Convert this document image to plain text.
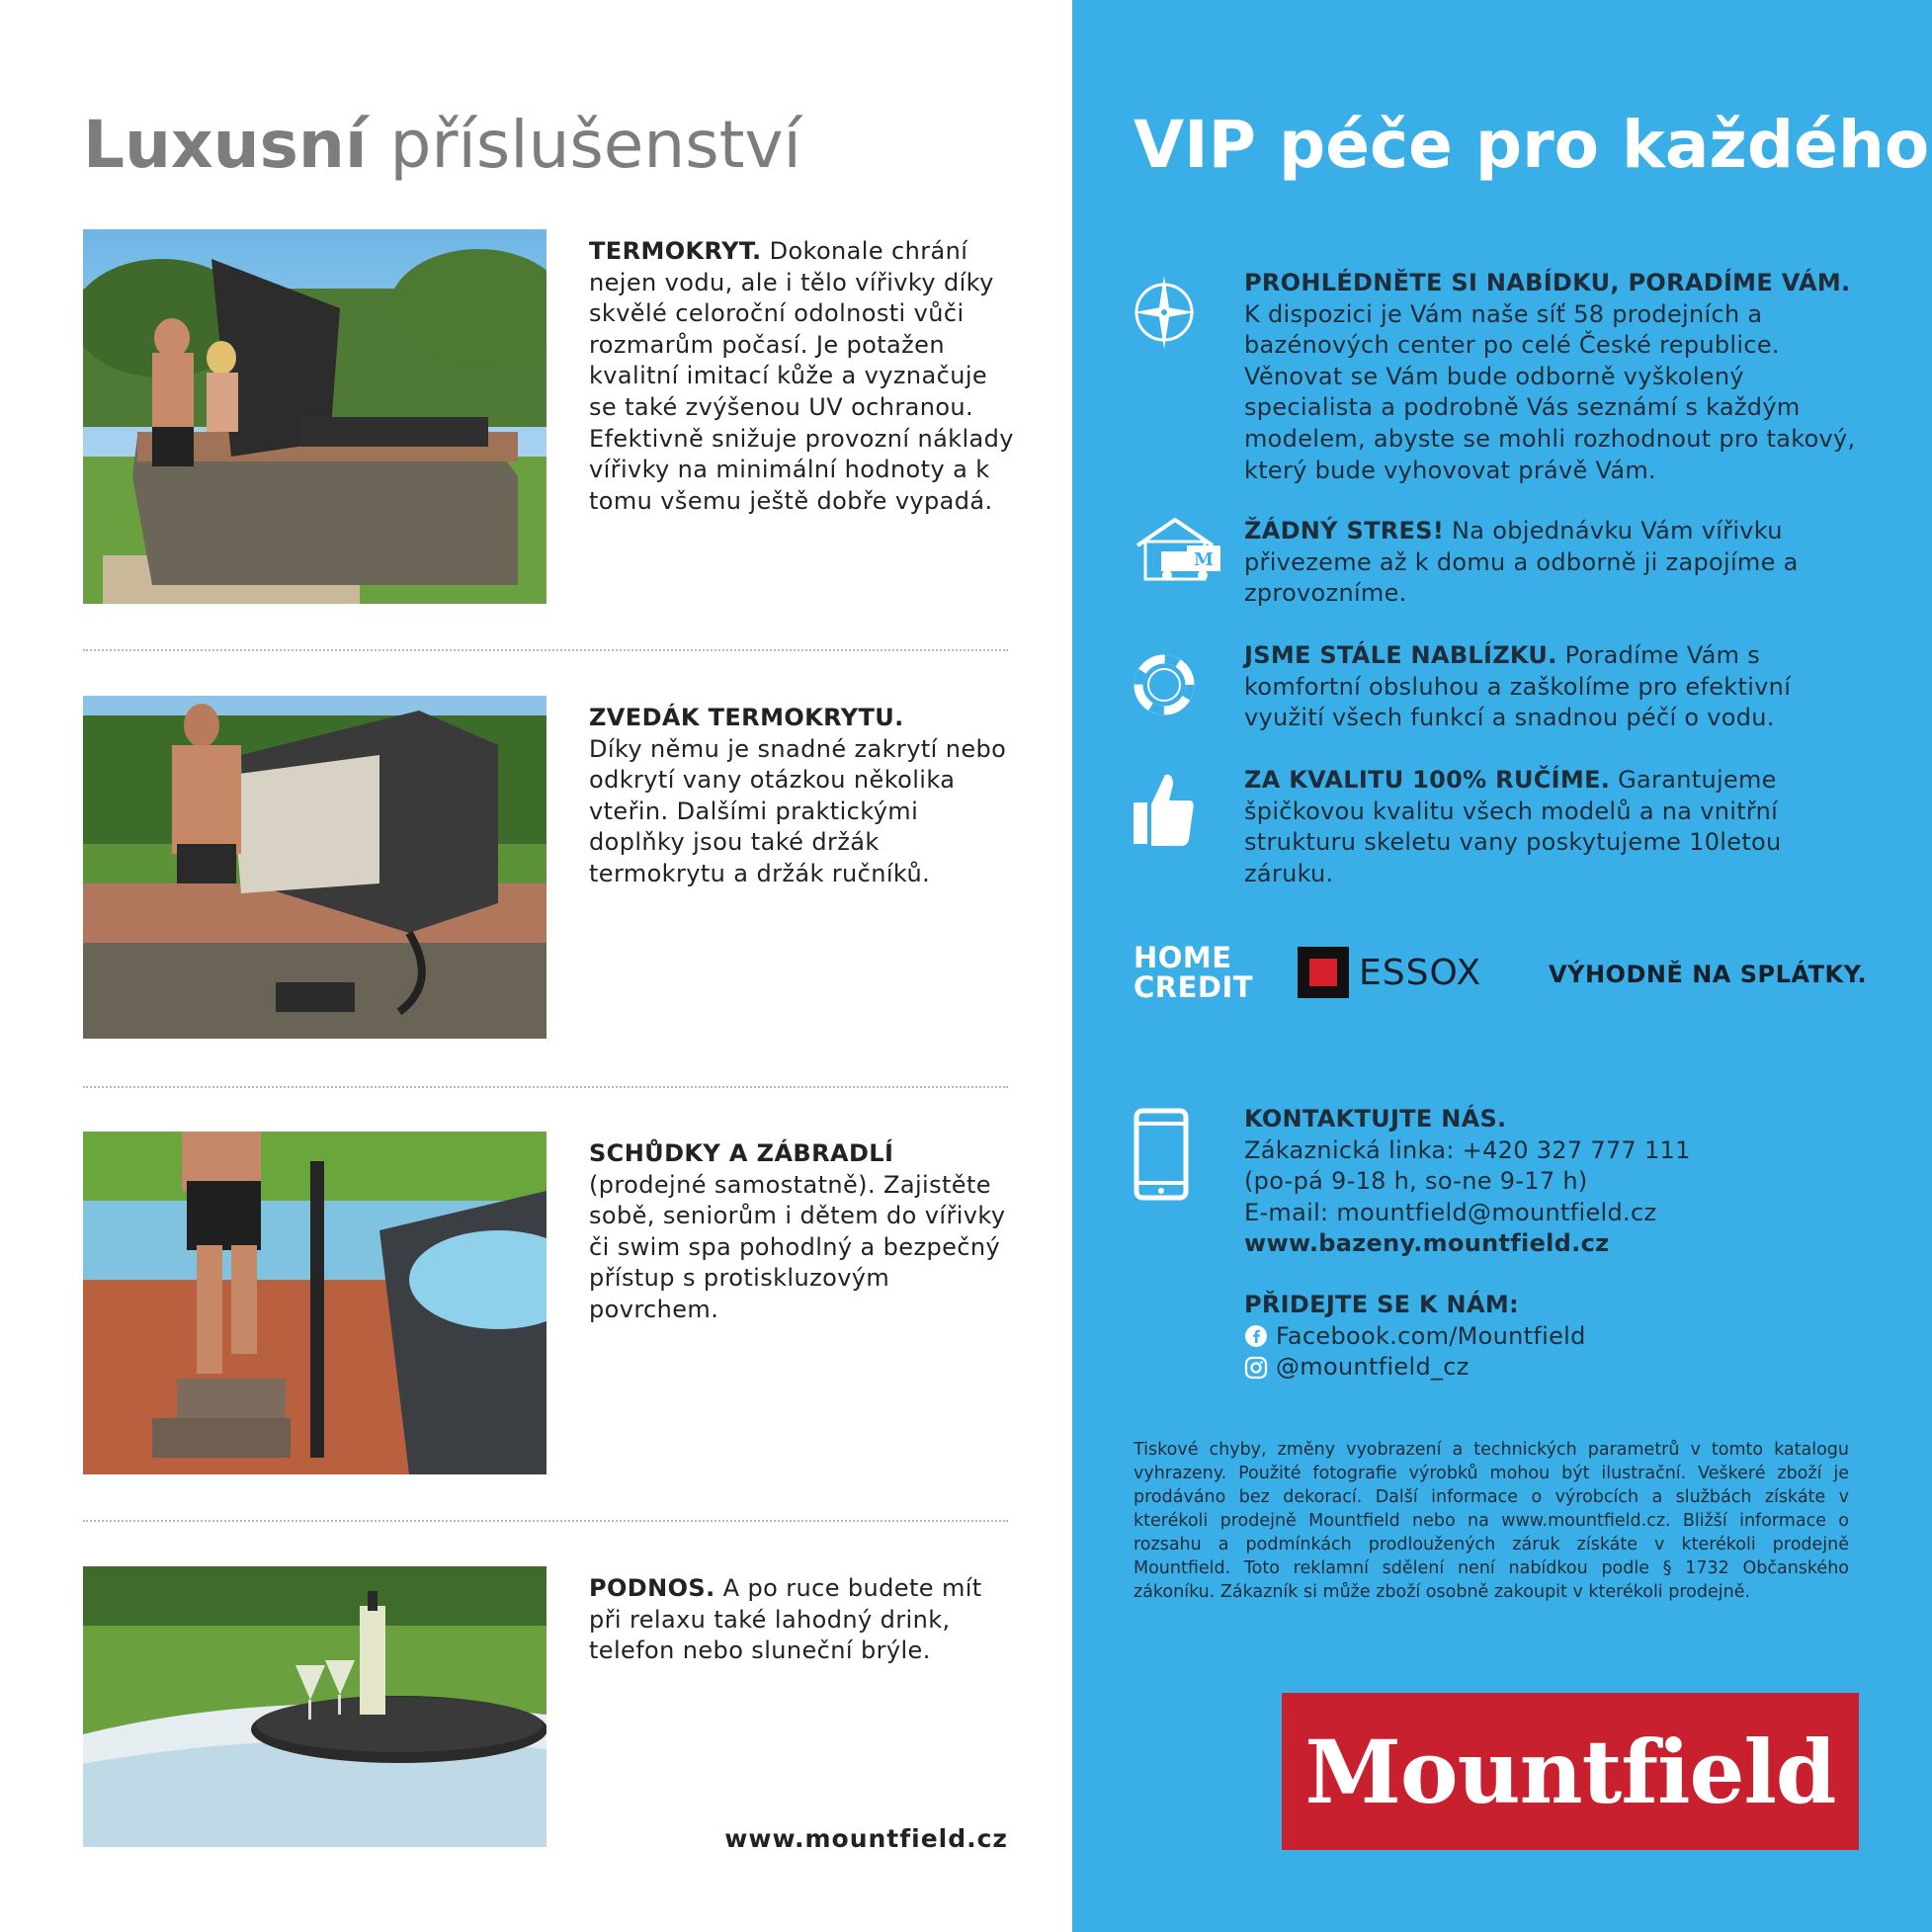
Luxusní příslušenství
TERMOKRYT. Dokonale chrání nejen vodu, ale i tělo vířivky díky skvělé celoroční odolnosti vůči rozmarům počasí. Je potažen kvalitní imitací kůže a vyznačuje se také zvýšenou UV ochranou. Efektivně snižuje provozní náklady vířivky na minimální hodnoty a k tomu všemu ještě dobře vypadá.
ZVEDÁK TERMOKRYTU.
Díky němu je snadné zakrytí nebo odkrytí vany otázkou několika vteřin. Dalšími praktickými doplňky jsou také držák termokrytu a držák ručníků.
SCHŮDKY A ZÁBRADLÍ
(prodejné samostatně). Zajistěte sobě, seniorům i dětem do vířivky či swim spa pohodlný a bezpečný přístup s protiskluzovým povrchem.
PODNOS. A po ruce budete mít při relaxu také lahodný drink, telefon nebo sluneční brýle.
www.mountfield.cz
VIP péče pro každého
PROHLÉDNĚTE SI NABÍDKU, PORADÍME VÁM.
K dispozici je Vám naše síť 58 prodejních a bazénových center po celé České republice. Věnovat se Vám bude odborně vyškolený specialista a podrobně Vás seznámí s každým modelem, abyste se mohli rozhodnout pro takový, který bude vyhovovat právě Vám.
M
ŽÁDNÝ STRES! Na objednávku Vám vířivku přivezeme až k domu a odborně ji zapojíme a zprovozníme.
JSME STÁLE NABLÍZKU. Poradíme Vám s komfortní obsluhou a zaškolíme pro efektivní využití všech funkcí a snadnou péčí o vodu.
ZA KVALITU 100% RUČÍME. Garantujeme špičkovou kvalitu všech modelů a na vnitřní strukturu skeletu vany poskytujeme 10letou záruku.
HOME
CREDIT	ESSOX	VÝHODNĚ NA SPLÁTKY.
KONTAKTUJTE NÁS.
Zákaznická linka: +420 327 777 111
(po-pá 9-18 h, so-ne 9-17 h)
E-mail: mountfield@mountfield.cz
www.bazeny.mountfield.cz
PŘIDEJTE SE K NÁM:
Facebook.com/Mountfield
@mountfield_cz
Tiskové chyby, změny vyobrazení a technických parametrů v tomto katalogu vyhrazeny. Použité fotografie výrobků mohou být ilustrační. Veškeré zboží je prodáváno bez dekorací. Další informace o výrobcích a službách získáte v kterékoli prodejně Mountfield nebo na www.mountfield.cz. Bližší informace o rozsahu a podmínkách prodloužených záruk získáte v kterékoli prodejně Mountfield. Toto reklamní sdělení není nabídkou podle § 1732 Občanského zákoníku. Zákazník si může zboží osobně zakoupit v kterékoli prodejně.
Mountfield
